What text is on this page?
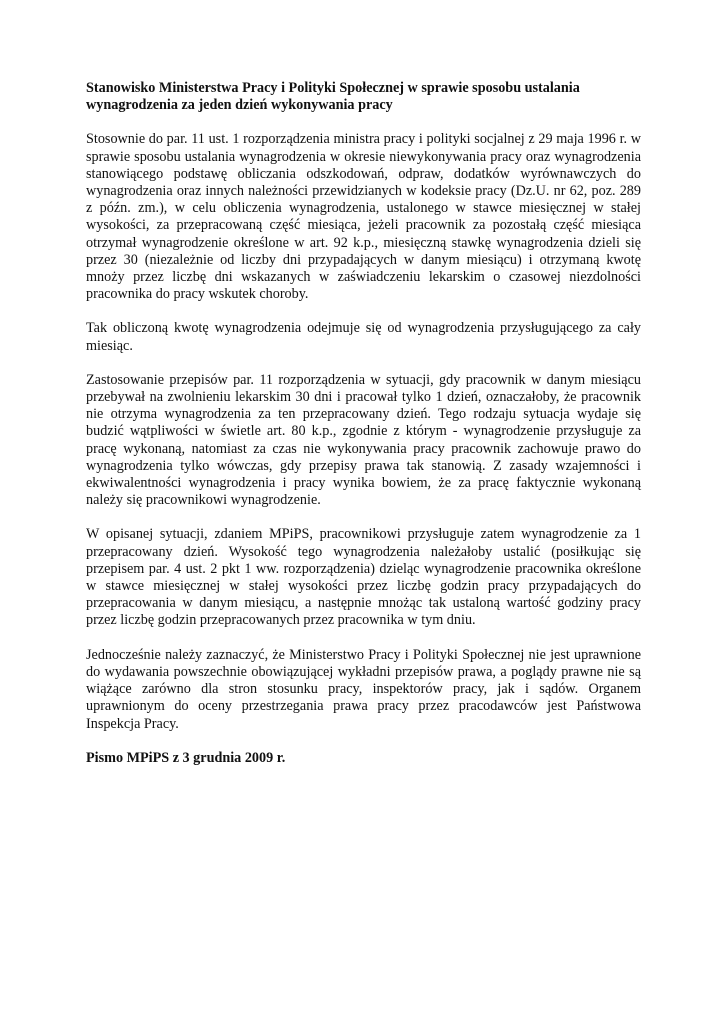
Stanowisko Ministerstwa Pracy i Polityki Społecznej w sprawie sposobu ustalania wynagrodzenia za jeden dzień wykonywania pracy

Stosownie do par. 11 ust. 1 rozporządzenia ministra pracy i polityki socjalnej z 29 maja 1996 r. w sprawie sposobu ustalania wynagrodzenia w okresie niewykonywania pracy oraz wynagrodzenia stanowiącego podstawę obliczania odszkodowań, odpraw, dodatków wyrównawczych do wynagrodzenia oraz innych należności przewidzianych w kodeksie pracy (Dz.U. nr 62, poz. 289 z późn. zm.), w celu obliczenia wynagrodzenia, ustalonego w stawce miesięcznej w stałej wysokości, za przepracowaną część miesiąca, jeżeli pracownik za pozostałą część miesiąca otrzymał wynagrodzenie określone w art. 92 k.p., miesięczną stawkę wynagrodzenia dzieli się przez 30 (niezależnie od liczby dni przypadających w danym miesiącu) i otrzymaną kwotę mnoży przez liczbę dni wskazanych w zaświadczeniu lekarskim o czasowej niezdolności pracownika do pracy wskutek choroby.

Tak obliczoną kwotę wynagrodzenia odejmuje się od wynagrodzenia przysługującego za cały miesiąc.

Zastosowanie przepisów par. 11 rozporządzenia w sytuacji, gdy pracownik w danym miesiącu przebywał na zwolnieniu lekarskim 30 dni i pracował tylko 1 dzień, oznaczałoby, że pracownik nie otrzyma wynagrodzenia za ten przepracowany dzień. Tego rodzaju sytuacja wydaje się budzić wątpliwości w świetle art. 80 k.p., zgodnie z którym - wynagrodzenie przysługuje za pracę wykonaną, natomiast za czas nie wykonywania pracy pracownik zachowuje prawo do wynagrodzenia tylko wówczas, gdy przepisy prawa tak stanowią. Z zasady wzajemności i ekwiwalentności wynagrodzenia i pracy wynika bowiem, że za pracę faktycznie wykonaną należy się pracownikowi wynagrodzenie.

W opisanej sytuacji, zdaniem MPiPS, pracownikowi przysługuje zatem wynagrodzenie za 1 przepracowany dzień. Wysokość tego wynagrodzenia należałoby ustalić (posiłkując się przepisem par. 4 ust. 2 pkt 1 ww. rozporządzenia) dzieląc wynagrodzenie pracownika określone w stawce miesięcznej w stałej wysokości przez liczbę godzin pracy przypadających do przepracowania w danym miesiącu, a następnie mnożąc tak ustaloną wartość godziny pracy przez liczbę godzin przepracowanych przez pracownika w tym dniu.

Jednocześnie należy zaznaczyć, że Ministerstwo Pracy i Polityki Społecznej nie jest uprawnione do wydawania powszechnie obowiązującej wykładni przepisów prawa, a poglądy prawne nie są wiążące zarówno dla stron stosunku pracy, inspektorów pracy, jak i sądów. Organem uprawnionym do oceny przestrzegania prawa pracy przez pracodawców jest Państwowa Inspekcja Pracy.

Pismo MPiPS z 3 grudnia 2009 r.
